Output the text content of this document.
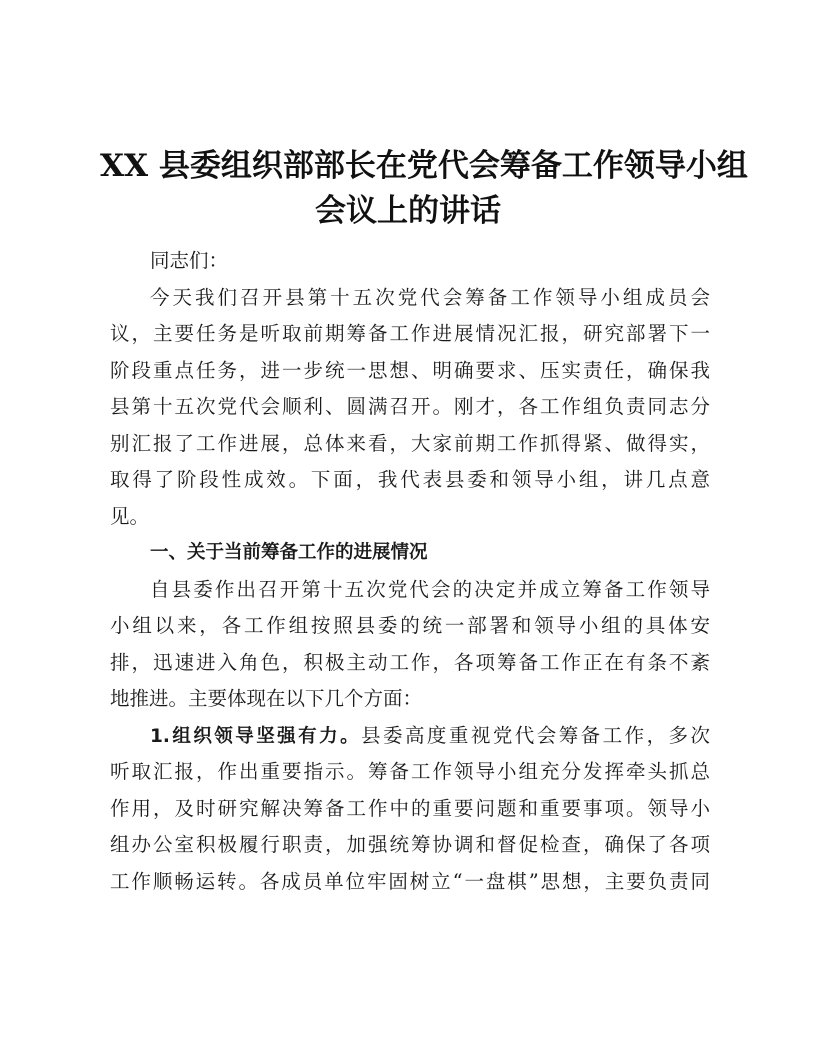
XX 县委组织部部长在党代会筹备工作领导小组
会议上的讲话
同志们：
今天我们召开县第十五次党代会筹备工作领导小组成员会
议，主要任务是听取前期筹备工作进展情况汇报，研究部署下一
阶段重点任务，进一步统一思想、明确要求、压实责任，确保我
县第十五次党代会顺利、圆满召开。刚才，各工作组负责同志分
别汇报了工作进展，总体来看，大家前期工作抓得紧、做得实，
取得了阶段性成效。下面，我代表县委和领导小组，讲几点意
见。
一、关于当前筹备工作的进展情况
自县委作出召开第十五次党代会的决定并成立筹备工作领导
小组以来，各工作组按照县委的统一部署和领导小组的具体安
排，迅速进入角色，积极主动工作，各项筹备工作正在有条不紊
地推进。主要体现在以下几个方面：
1.组织领导坚强有力。县委高度重视党代会筹备工作，多次
听取汇报，作出重要指示。筹备工作领导小组充分发挥牵头抓总
作用，及时研究解决筹备工作中的重要问题和重要事项。领导小
组办公室积极履行职责，加强统筹协调和督促检查，确保了各项
工作顺畅运转。各成员单位牢固树立“一盘棋”思想，主要负责同
